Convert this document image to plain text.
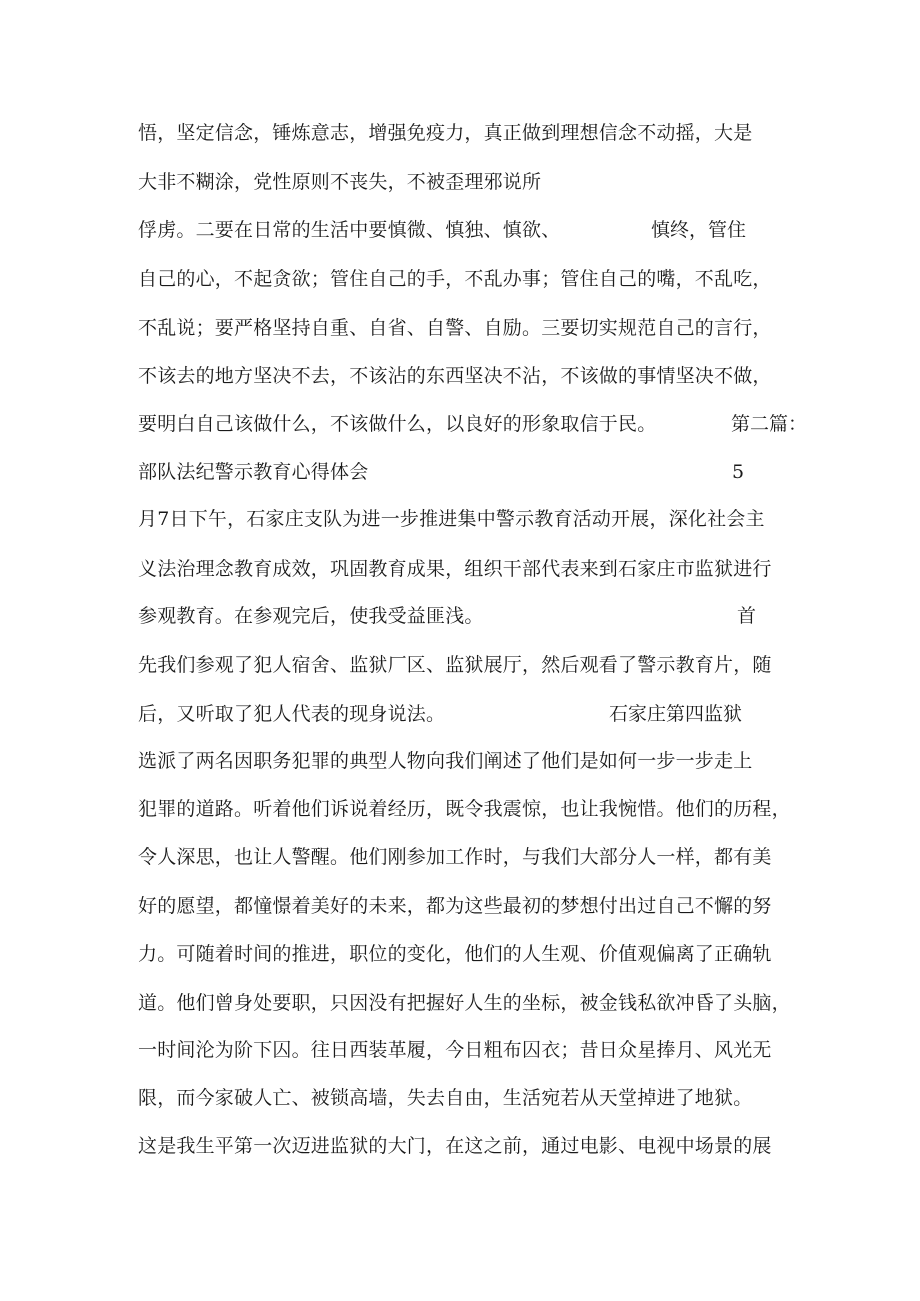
悟，坚定信念，锤炼意志，增强免疫力，真正做到理想信念不动摇，大是
大非不糊涂，党性原则不丧失，不被歪理邪说所
俘虏。二要在日常的生活中要慎微、慎独、慎欲、	慎终，管住
自己的心，不起贪欲；管住自己的手，不乱办事；管住自己的嘴，不乱吃，
不乱说；要严格坚持自重、自省、自警、自励。三要切实规范自己的言行，
不该去的地方坚决不去，不该沾的东西坚决不沾，不该做的事情坚决不做，
要明白自己该做什么，不该做什么，以良好的形象取信于民。	第二篇：
部队法纪警示教育心得体会	5
月7日下午，石家庄支队为进一步推进集中警示教育活动开展，深化社会主
义法治理念教育成效，巩固教育成果，组织干部代表来到石家庄市监狱进行
参观教育。在参观完后，使我受益匪浅。	首
先我们参观了犯人宿舍、监狱厂区、监狱展厅，然后观看了警示教育片，随
后，又听取了犯人代表的现身说法。	石家庄第四监狱
选派了两名因职务犯罪的典型人物向我们阐述了他们是如何一步一步走上
犯罪的道路。听着他们诉说着经历，既令我震惊，也让我惋惜。他们的历程，
令人深思，也让人警醒。他们刚参加工作时，与我们大部分人一样，都有美
好的愿望，都憧憬着美好的未来，都为这些最初的梦想付出过自己不懈的努
力。可随着时间的推进，职位的变化，他们的人生观、价值观偏离了正确轨
道。他们曾身处要职，只因没有把握好人生的坐标，被金钱私欲冲昏了头脑，
一时间沦为阶下囚。往日西装革履，今日粗布囚衣；昔日众星捧月、风光无
限，而今家破人亡、被锁高墙，失去自由，生活宛若从天堂掉进了地狱。
这是我生平第一次迈进监狱的大门，在这之前，通过电影、电视中场景的展
